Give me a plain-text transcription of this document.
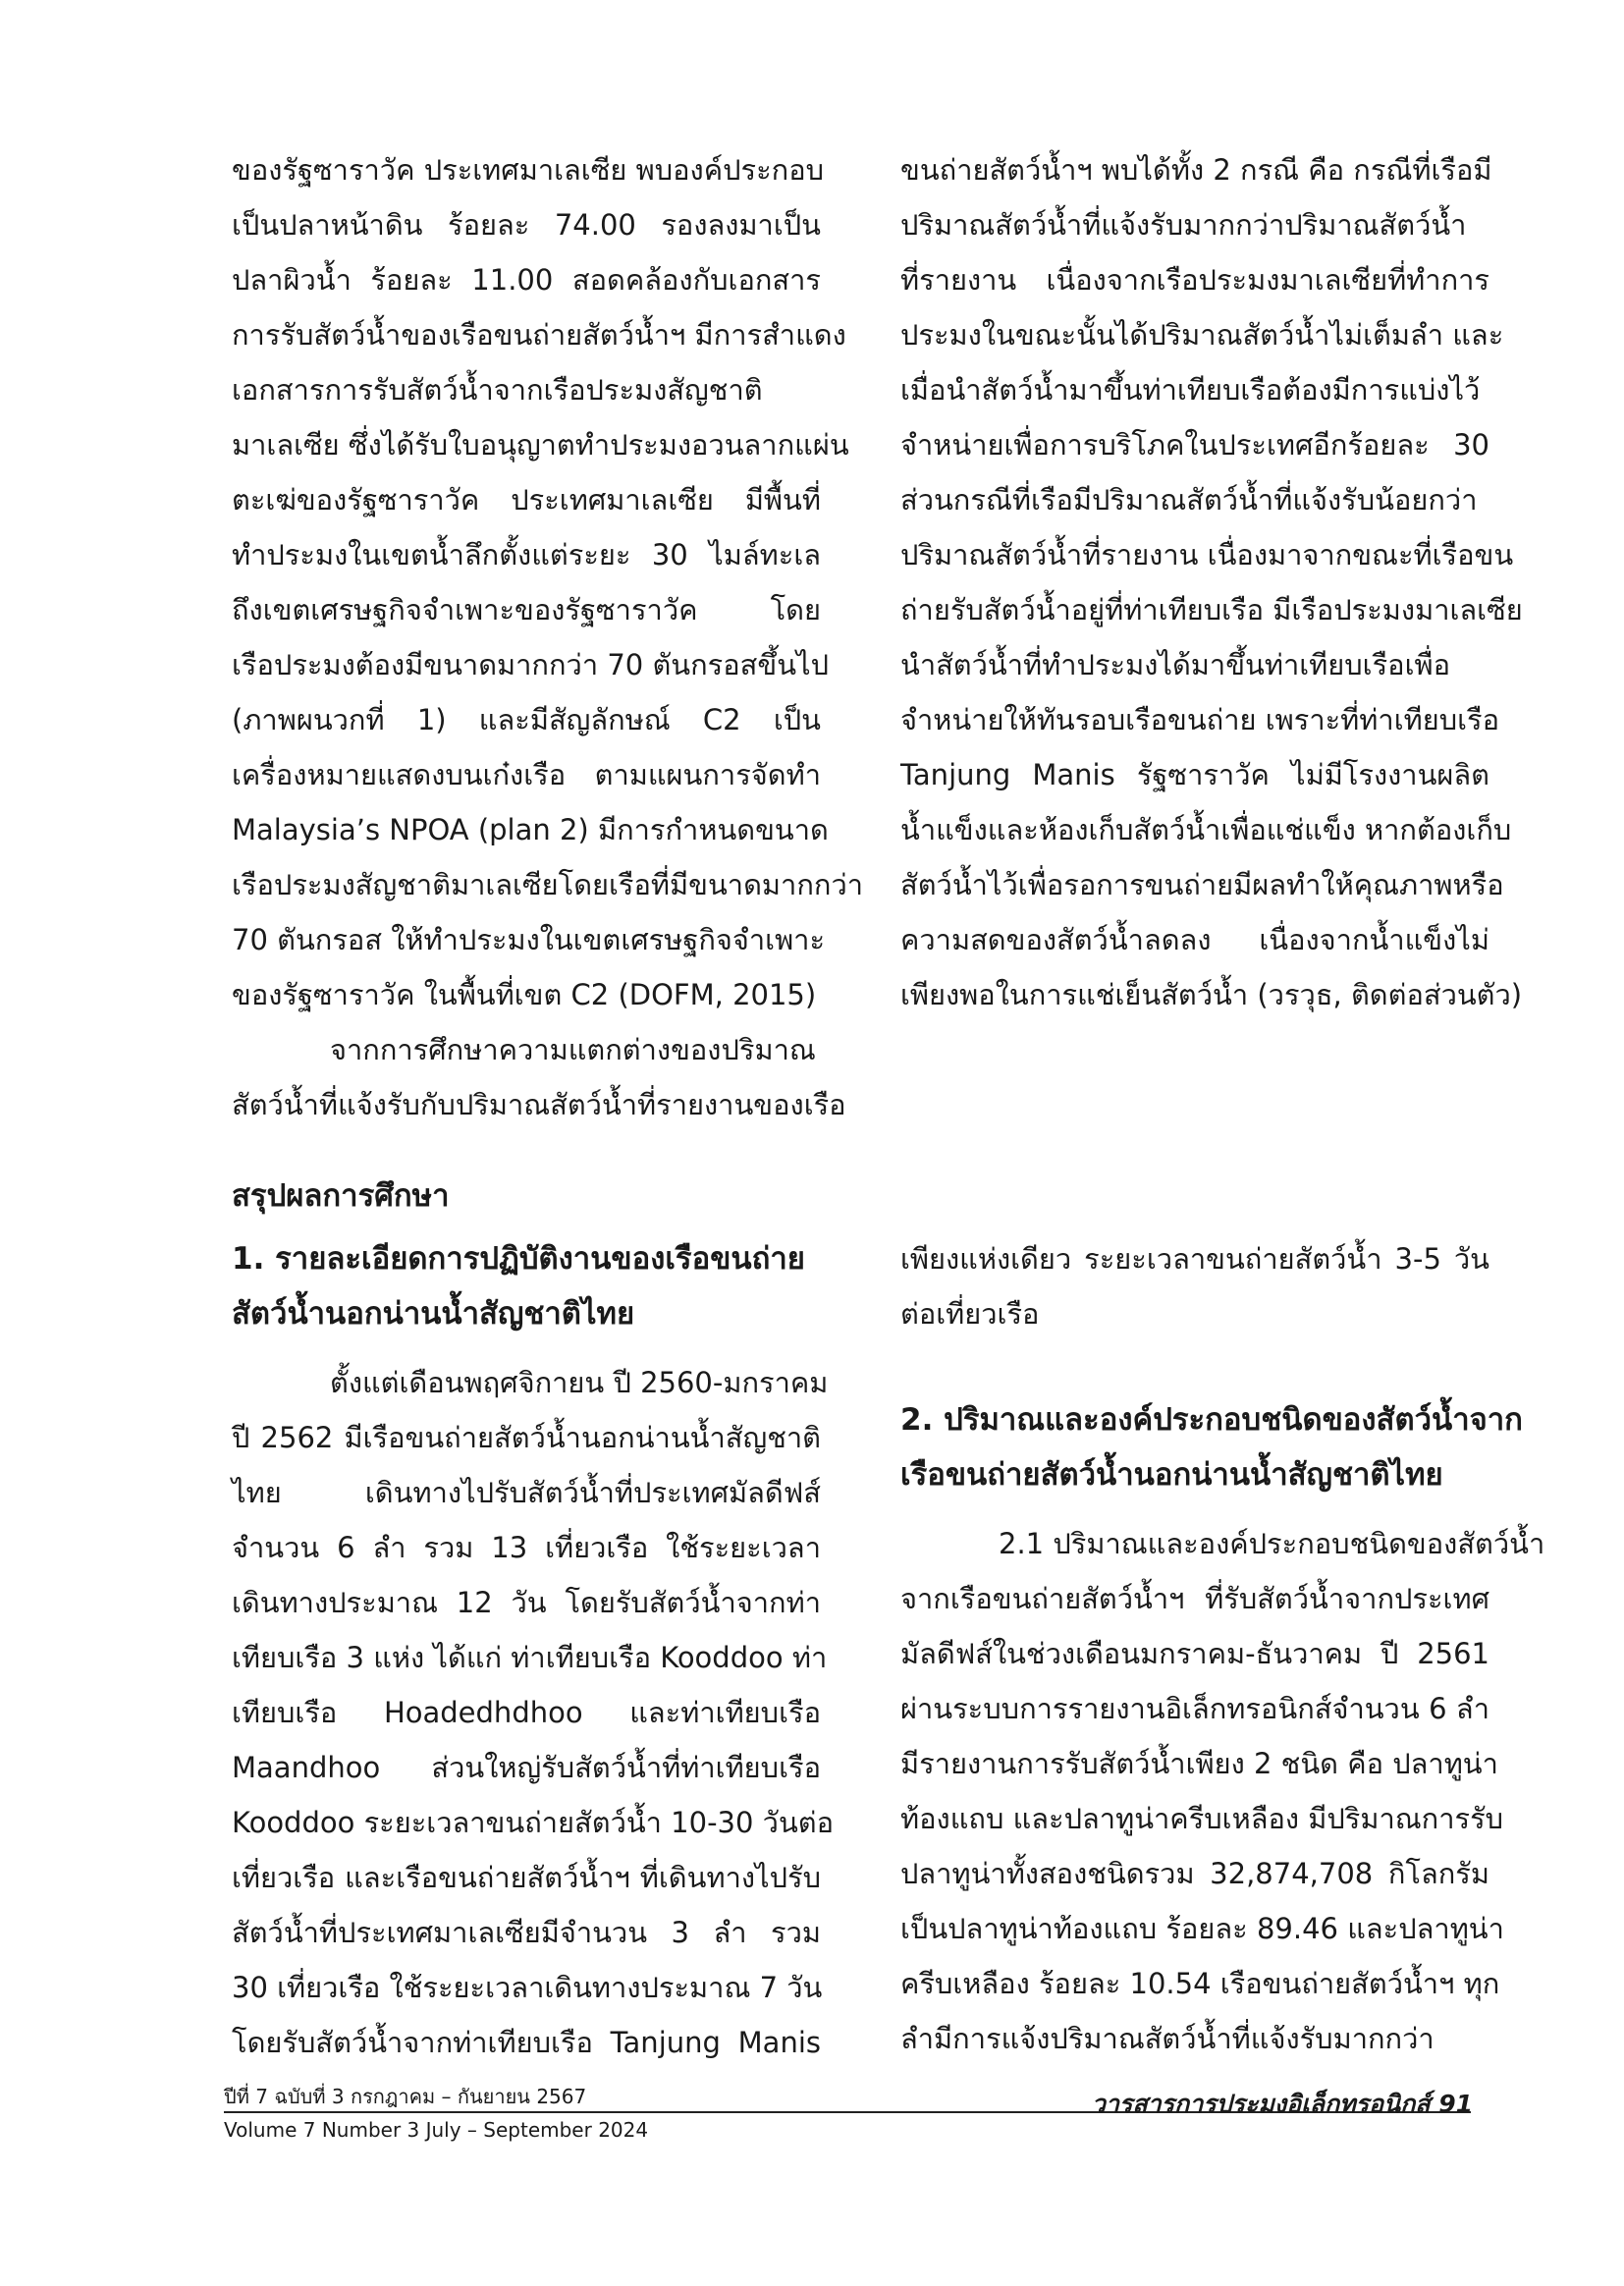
ของรัฐซาราวัค ประเทศมาเลเซีย พบองค์ประกอบ
เป็นปลาหน้าดิน ร้อยละ 74.00 รองลงมาเป็น
ปลาผิวน้ำ ร้อยละ 11.00 สอดคล้องกับเอกสาร
การรับสัตว์น้ำของเรือขนถ่ายสัตว์น้ำฯ มีการสำแดง
เอกสารการรับสัตว์น้ำจากเรือประมงสัญชาติ
มาเลเซีย ซึ่งได้รับใบอนุญาตทำประมงอวนลากแผ่น
ตะเฆ่ของรัฐซาราวัค ประเทศมาเลเซีย มีพื้นที่
ทำประมงในเขตน้ำลึกตั้งแต่ระยะ 30 ไมล์ทะเล
ถึงเขตเศรษฐกิจจำเพาะของรัฐซาราวัค โดย
เรือประมงต้องมีขนาดมากกว่า 70 ตันกรอสขึ้นไป
(ภาพผนวกที่ 1) และมีสัญลักษณ์ C2 เป็น
เครื่องหมายแสดงบนเก๋งเรือ ตามแผนการจัดทำ
Malaysia’s NPOA (plan 2) มีการกำหนดขนาด
เรือประมงสัญชาติมาเลเซียโดยเรือที่มีขนาดมากกว่า
70 ตันกรอส ให้ทำประมงในเขตเศรษฐกิจจำเพาะ
ของรัฐซาราวัค ในพื้นที่เขต C2 (DOFM, 2015)
จากการศึกษาความแตกต่างของปริมาณ
สัตว์น้ำที่แจ้งรับกับปริมาณสัตว์น้ำที่รายงานของเรือ
ขนถ่ายสัตว์น้ำฯ พบได้ทั้ง 2 กรณี คือ กรณีที่เรือมี
ปริมาณสัตว์น้ำที่แจ้งรับมากกว่าปริมาณสัตว์น้ำ
ที่รายงาน เนื่องจากเรือประมงมาเลเซียที่ทำการ
ประมงในขณะนั้นได้ปริมาณสัตว์น้ำไม่เต็มลำ และ
เมื่อนำสัตว์น้ำมาขึ้นท่าเทียบเรือต้องมีการแบ่งไว้
จำหน่ายเพื่อการบริโภคในประเทศอีกร้อยละ 30
ส่วนกรณีที่เรือมีปริมาณสัตว์น้ำที่แจ้งรับน้อยกว่า
ปริมาณสัตว์น้ำที่รายงาน เนื่องมาจากขณะที่เรือขน
ถ่ายรับสัตว์น้ำอยู่ที่ท่าเทียบเรือ มีเรือประมงมาเลเซีย
นำสัตว์น้ำที่ทำประมงได้มาขึ้นท่าเทียบเรือเพื่อ
จำหน่ายให้ทันรอบเรือขนถ่าย เพราะที่ท่าเทียบเรือ
Tanjung Manis รัฐซาราวัค ไม่มีโรงงานผลิต
น้ำแข็งและห้องเก็บสัตว์น้ำเพื่อแช่แข็ง หากต้องเก็บ
สัตว์น้ำไว้เพื่อรอการขนถ่ายมีผลทำให้คุณภาพหรือ
ความสดของสัตว์น้ำลดลง เนื่องจากน้ำแข็งไม่
เพียงพอในการแช่เย็นสัตว์น้ำ (วรวุธ, ติดต่อส่วนตัว)
สรุปผลการศึกษา
1. รายละเอียดการปฏิบัติงานของเรือขนถ่าย
สัตว์น้ำนอกน่านน้ำสัญชาติไทย
ตั้งแต่เดือนพฤศจิกายน ปี 2560-มกราคม
ปี 2562 มีเรือขนถ่ายสัตว์น้ำนอกน่านน้ำสัญชาติ
ไทย เดินทางไปรับสัตว์น้ำที่ประเทศมัลดีฟส์
จำนวน 6 ลำ รวม 13 เที่ยวเรือ ใช้ระยะเวลา
เดินทางประมาณ 12 วัน โดยรับสัตว์น้ำจากท่า
เทียบเรือ 3 แห่ง ได้แก่ ท่าเทียบเรือ Kooddoo ท่า
เทียบเรือ Hoadedhdhoo และท่าเทียบเรือ
Maandhoo ส่วนใหญ่รับสัตว์น้ำที่ท่าเทียบเรือ
Kooddoo ระยะเวลาขนถ่ายสัตว์น้ำ 10-30 วันต่อ
เที่ยวเรือ และเรือขนถ่ายสัตว์น้ำฯ ที่เดินทางไปรับ
สัตว์น้ำที่ประเทศมาเลเซียมีจำนวน 3 ลำ รวม
30 เที่ยวเรือ ใช้ระยะเวลาเดินทางประมาณ 7 วัน
โดยรับสัตว์น้ำจากท่าเทียบเรือ Tanjung Manis
เพียงแห่งเดียว ระยะเวลาขนถ่ายสัตว์น้ำ 3-5 วัน
ต่อเที่ยวเรือ
2. ปริมาณและองค์ประกอบชนิดของสัตว์น้ำจาก
เรือขนถ่ายสัตว์น้ำนอกน่านน้ำสัญชาติไทย
2.1 ปริมาณและองค์ประกอบชนิดของสัตว์น้ำ
จากเรือขนถ่ายสัตว์น้ำฯ ที่รับสัตว์น้ำจากประเทศ
มัลดีฟส์ในช่วงเดือนมกราคม-ธันวาคม ปี 2561
ผ่านระบบการรายงานอิเล็กทรอนิกส์จำนวน 6 ลำ
มีรายงานการรับสัตว์น้ำเพียง 2 ชนิด คือ ปลาทูน่า
ท้องแถบ และปลาทูน่าครีบเหลือง มีปริมาณการรับ
ปลาทูน่าทั้งสองชนิดรวม 32,874,708 กิโลกรัม
เป็นปลาทูน่าท้องแถบ ร้อยละ 89.46 และปลาทูน่า
ครีบเหลือง ร้อยละ 10.54 เรือขนถ่ายสัตว์น้ำฯ ทุก
ลำมีการแจ้งปริมาณสัตว์น้ำที่แจ้งรับมากกว่า
ปีที่ 7 ฉบับที่ 3 กรกฎาคม – กันยายน 2567
Volume 7 Number 3 July – September 2024
วารสารการประมงอิเล็กทรอนิกส์ 91
